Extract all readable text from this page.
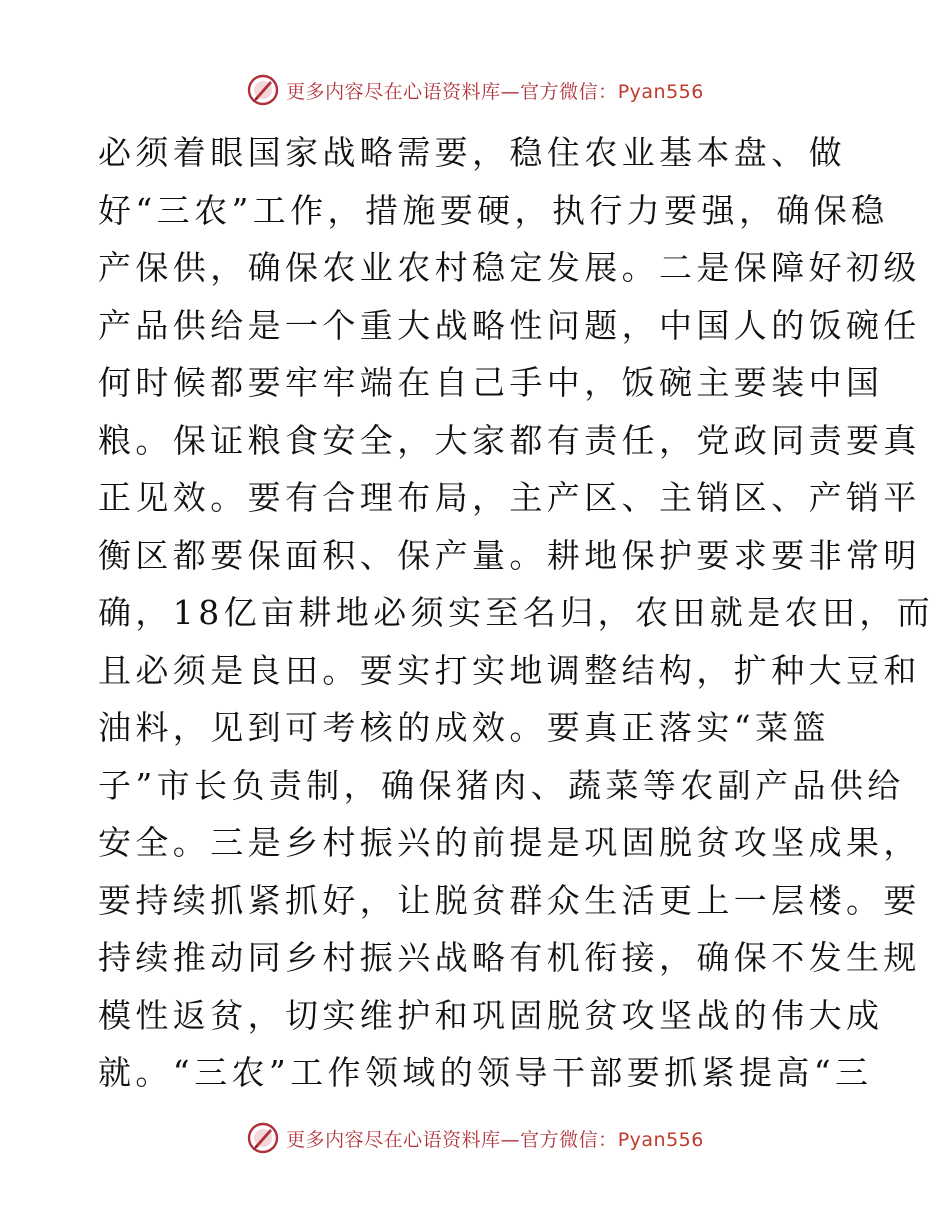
更多内容尽在心语资料库—官方微信：Pyan556
必须着眼国家战略需要，稳住农业基本盘、做
好“三农”工作，措施要硬，执行力要强，确保稳
产保供，确保农业农村稳定发展。二是保障好初级
产品供给是一个重大战略性问题，中国人的饭碗任
何时候都要牢牢端在自己手中，饭碗主要装中国
粮。保证粮食安全，大家都有责任，党政同责要真
正见效。要有合理布局，主产区、主销区、产销平
衡区都要保面积、保产量。耕地保护要求要非常明
确，18亿亩耕地必须实至名归，农田就是农田，而
且必须是良田。要实打实地调整结构，扩种大豆和
油料，见到可考核的成效。要真正落实“菜篮
子”市长负责制，确保猪肉、蔬菜等农副产品供给
安全。三是乡村振兴的前提是巩固脱贫攻坚成果，
要持续抓紧抓好，让脱贫群众生活更上一层楼。要
持续推动同乡村振兴战略有机衔接，确保不发生规
模性返贫，切实维护和巩固脱贫攻坚战的伟大成
就。“三农”工作领域的领导干部要抓紧提高“三
更多内容尽在心语资料库—官方微信：Pyan556
